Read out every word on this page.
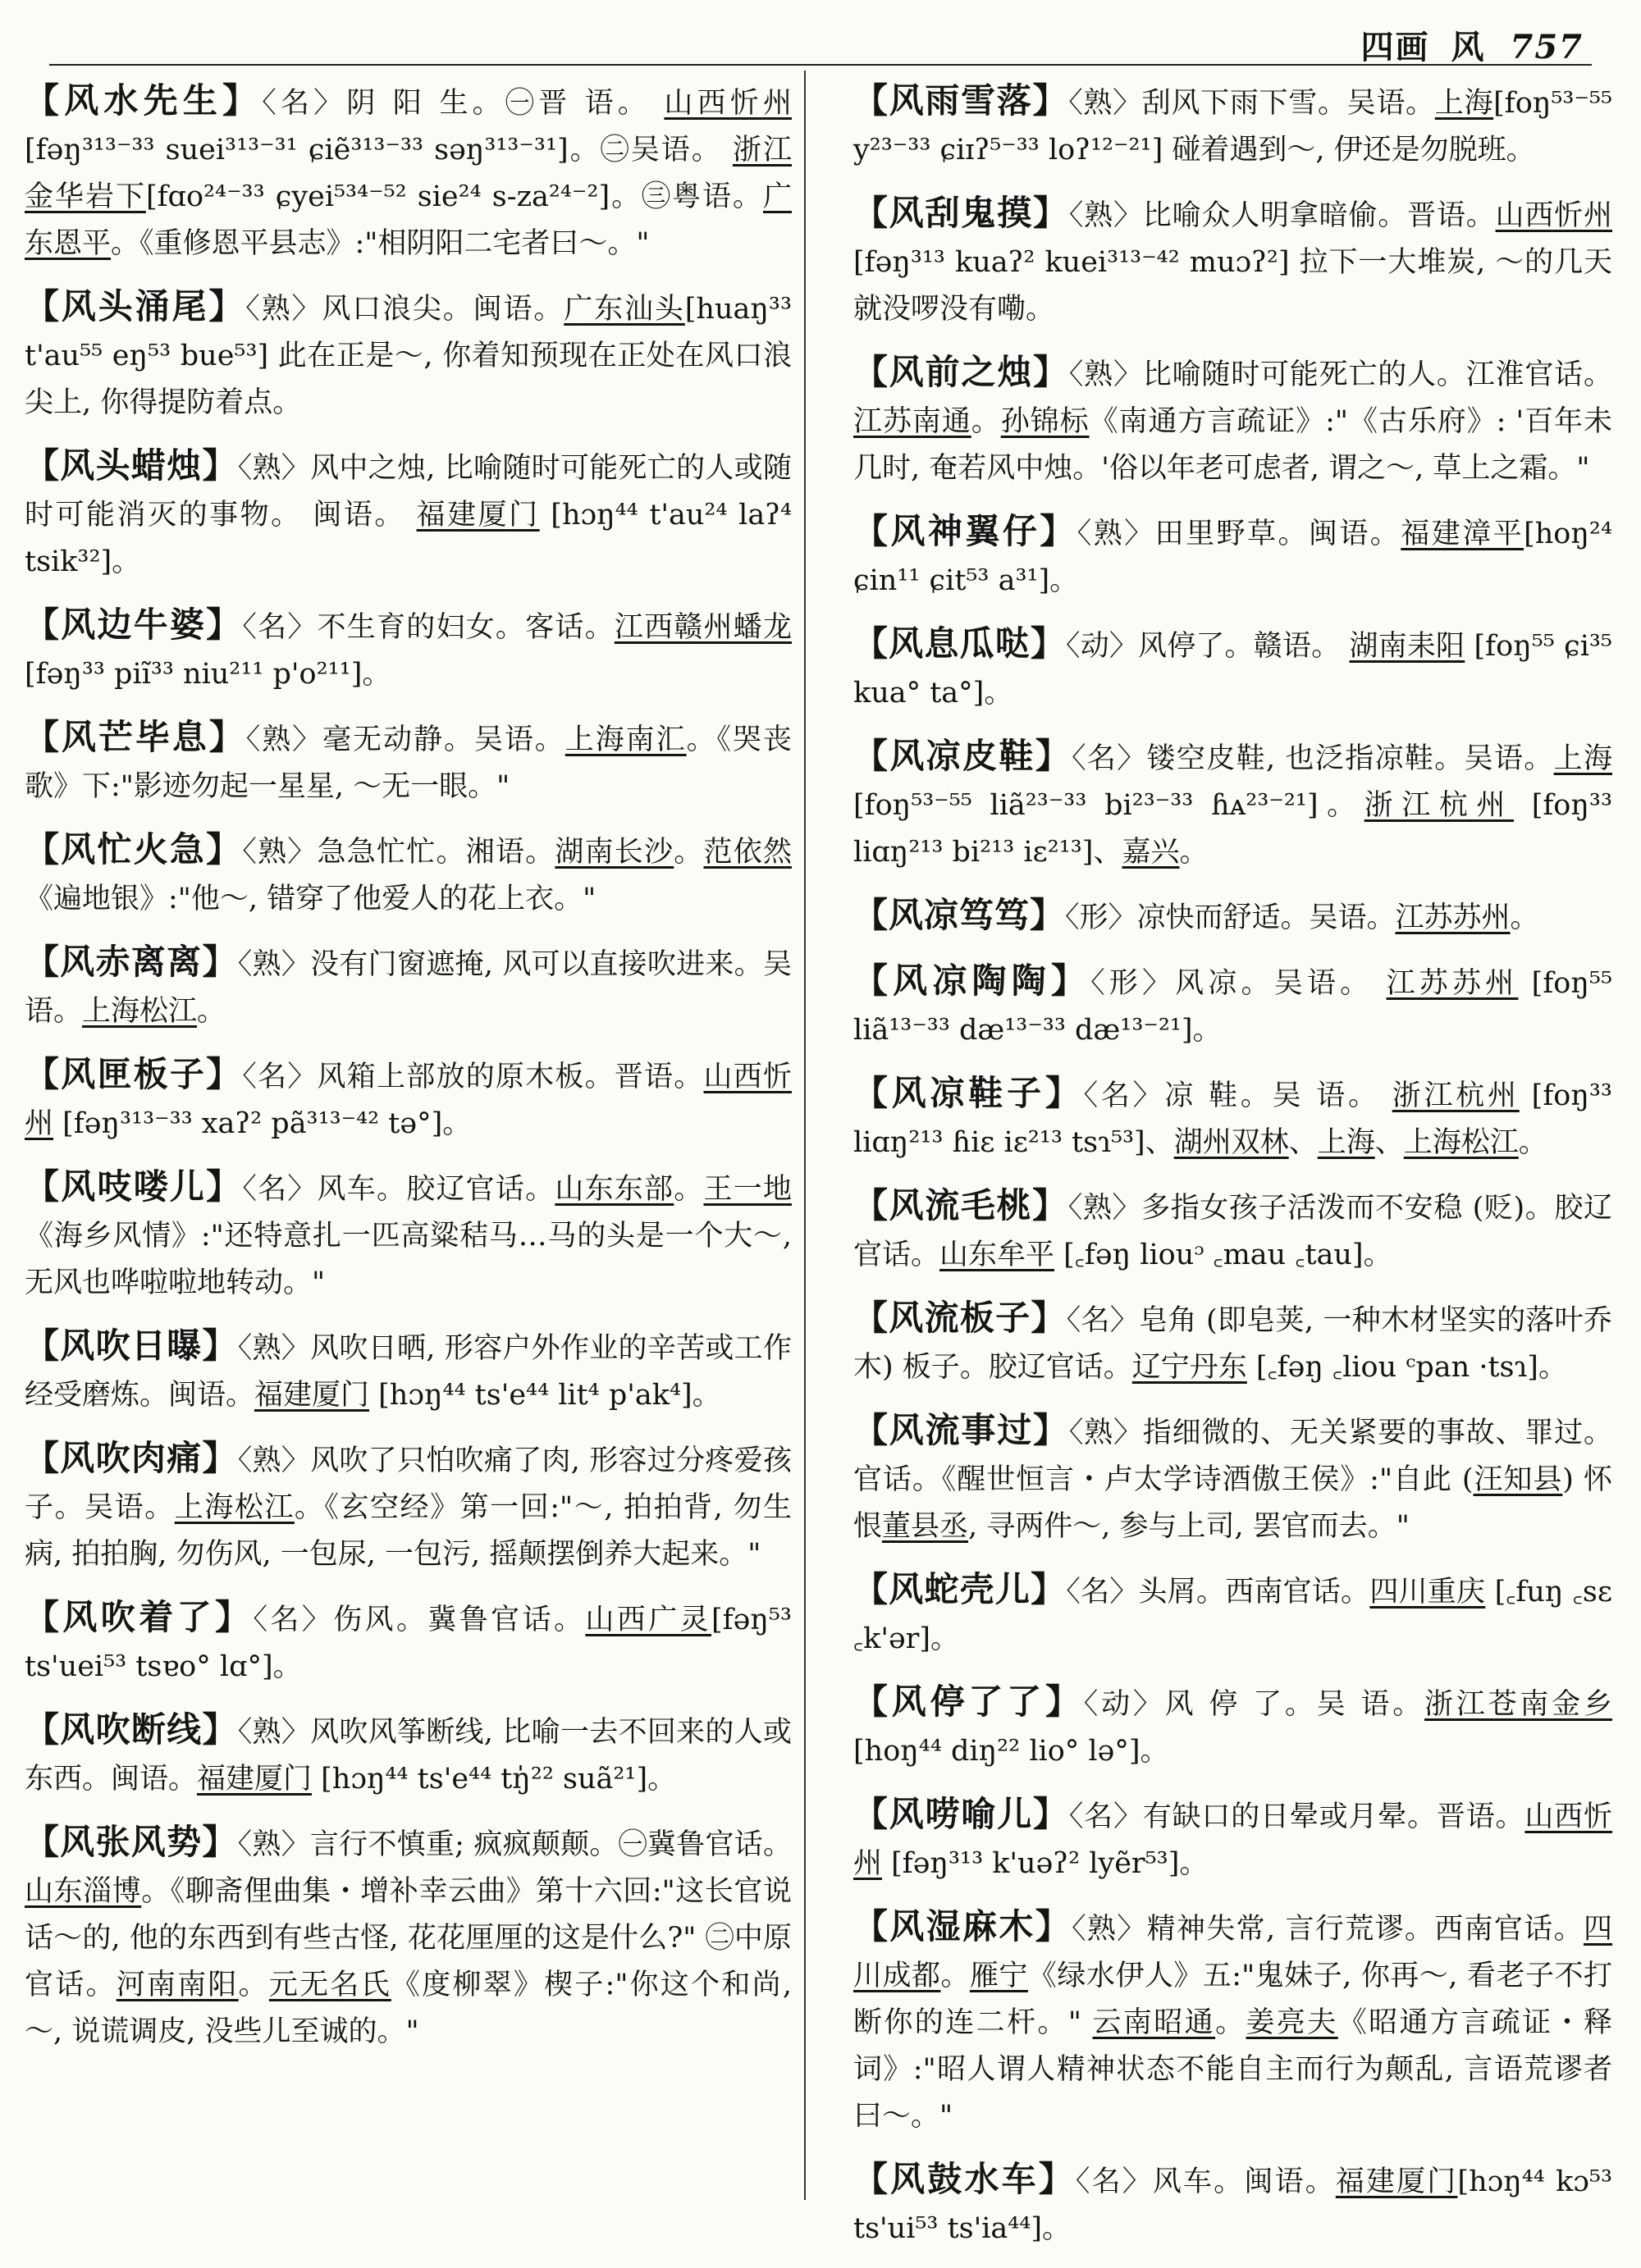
四画 风 757

【风水先生】〈名〉阴 阳 生。㊀晋 语。 山西忻州 [fəŋ³¹³⁻³³ suei³¹³⁻³¹ ɕiẽ³¹³⁻³³ səŋ³¹³⁻³¹]。㊁吴语。 浙江金华岩下[fɑo²⁴⁻³³ ɕyei⁵³⁴⁻⁵² sie²⁴ s-za²⁴⁻²]。㊂粤语。广东恩平。《重修恩平县志》:"相阴阳二宅者曰～。"

【风头涌尾】〈熟〉风口浪尖。闽语。广东汕头[huaŋ³³ t'au⁵⁵ eŋ⁵³ bue⁵³] 此在正是～, 你着知预现在正处在风口浪尖上, 你得提防着点。

【风头蜡烛】〈熟〉风中之烛, 比喻随时可能死亡的人或随时可能消灭的事物。 闽语。 福建厦门 [hɔŋ⁴⁴ t'au²⁴ laʔ⁴ tsik³²]。

【风边牛婆】〈名〉不生育的妇女。客话。江西赣州蟠龙 [fəŋ³³ piĩ³³ niu²¹¹ p'o²¹¹]。

【风芒毕息】〈熟〉毫无动静。吴语。上海南汇。《哭丧歌》下:"影迹勿起一星星, ～无一眼。"

【风忙火急】〈熟〉急急忙忙。湘语。湖南长沙。范依然《遍地银》:"他～, 错穿了他爱人的花上衣。"

【风赤离离】〈熟〉没有门窗遮掩, 风可以直接吹进来。吴语。上海松江。

【风匣板子】〈名〉风箱上部放的原木板。晋语。山西忻州 [fəŋ³¹³⁻³³ xaʔ² pã³¹³⁻⁴² tə°]。

【风吱喽儿】〈名〉风车。胶辽官话。山东东部。王一地《海乡风情》:"还特意扎一匹高粱秸马…马的头是一个大～, 无风也哗啦啦地转动。"

【风吹日曝】〈熟〉风吹日晒, 形容户外作业的辛苦或工作经受磨炼。闽语。福建厦门 [hɔŋ⁴⁴ ts'e⁴⁴ lit⁴ p'ak⁴]。

【风吹肉痛】〈熟〉风吹了只怕吹痛了肉, 形容过分疼爱孩子。吴语。上海松江。《玄空经》第一回:"～, 拍拍背, 勿生病, 拍拍胸, 勿伤风, 一包尿, 一包污, 摇颠摆倒养大起来。"

【风吹着了】〈名〉伤风。冀鲁官话。山西广灵[fəŋ⁵³ ts'uei⁵³ tsɐo° lɑ°]。

【风吹断线】〈熟〉风吹风筝断线, 比喻一去不回来的人或东西。闽语。福建厦门 [hɔŋ⁴⁴ ts'e⁴⁴ tŋ̍²² suã²¹]。

【风张风势】〈熟〉言行不慎重; 疯疯颠颠。㊀冀鲁官话。山东淄博。《聊斋俚曲集・增补幸云曲》第十六回:"这长官说话～的, 他的东西到有些古怪, 花花厘厘的这是什么?" ㊁中原官话。河南南阳。元无名氏《度柳翠》楔子:"你这个和尚, ～, 说谎调皮, 没些儿至诚的。"

【风雨雪落】〈熟〉刮风下雨下雪。吴语。上海[foŋ⁵³⁻⁵⁵ y²³⁻³³ ɕiɪʔ⁵⁻³³ loʔ¹²⁻²¹] 碰着遇到～, 伊还是勿脱班。

【风刮鬼摸】〈熟〉比喻众人明拿暗偷。晋语。山西忻州 [fəŋ³¹³ kuaʔ² kuei³¹³⁻⁴² muɔʔ²] 拉下一大堆炭, ～的几天就没啰没有嘞。

【风前之烛】〈熟〉比喻随时可能死亡的人。江淮官话。江苏南通。孙锦标《南通方言疏证》:"《古乐府》: '百年未几时, 奄若风中烛。'俗以年老可虑者, 谓之～, 草上之霜。"

【风神翼仔】〈熟〉田里野草。闽语。福建漳平[hoŋ²⁴ ɕin¹¹ ɕit⁵³ a³¹]。

【风息瓜哒】〈动〉风停了。赣语。 湖南耒阳 [foŋ⁵⁵ ɕi³⁵ kua° ta°]。

【风凉皮鞋】〈名〉镂空皮鞋, 也泛指凉鞋。吴语。上海 [foŋ⁵³⁻⁵⁵ liã²³⁻³³ bi²³⁻³³ ɦᴀ²³⁻²¹]。浙江杭州 [foŋ³³ liɑŋ²¹³ bi²¹³ iɛ²¹³]、嘉兴。

【风凉笃笃】〈形〉凉快而舒适。吴语。江苏苏州。

【风凉陶陶】〈形〉风凉。吴语。 江苏苏州 [foŋ⁵⁵ liã¹³⁻³³ dæ¹³⁻³³ dæ¹³⁻²¹]。

【风凉鞋子】〈名〉凉 鞋。吴 语。 浙江杭州 [foŋ³³ liɑŋ²¹³ ɦiɛ iɛ²¹³ tsɿ⁵³]、湖州双林、上海、上海松江。

【风流毛桃】〈熟〉多指女孩子活泼而不安稳 (贬)。胶辽官话。山东牟平 [꜀fəŋ liouᵓ ꜀mau ꜀tau]。

【风流板子】〈名〉皂角 (即皂荚, 一种木材坚实的落叶乔木) 板子。胶辽官话。辽宁丹东 [꜀fəŋ ꜀liou ᶜpan ·tsɿ]。

【风流事过】〈熟〉指细微的、无关紧要的事故、罪过。官话。《醒世恒言・卢太学诗酒傲王侯》:"自此 (汪知县) 怀恨董县丞, 寻两件～, 参与上司, 罢官而去。"

【风蛇壳儿】〈名〉头屑。西南官话。四川重庆 [꜀fuŋ ꜀sɛ ꜀k'ər]。

【风停了了】〈动〉风 停 了。吴 语。浙江苍南金乡 [hoŋ⁴⁴ diŋ²² lio° lə°]。

【风唠喻儿】〈名〉有缺口的日晕或月晕。晋语。山西忻州 [fəŋ³¹³ k'uəʔ² lyẽr⁵³]。

【风湿麻木】〈熟〉精神失常, 言行荒谬。西南官话。四川成都。雁宁《绿水伊人》五:"鬼妹子, 你再～, 看老子不打断你的连二杆。" 云南昭通。姜亮夫《昭通方言疏证・释词》:"昭人谓人精神状态不能自主而行为颠乱, 言语荒谬者曰～。"

【风鼓水车】〈名〉风车。闽语。福建厦门[hɔŋ⁴⁴ kɔ⁵³ ts'ui⁵³ ts'ia⁴⁴]。
